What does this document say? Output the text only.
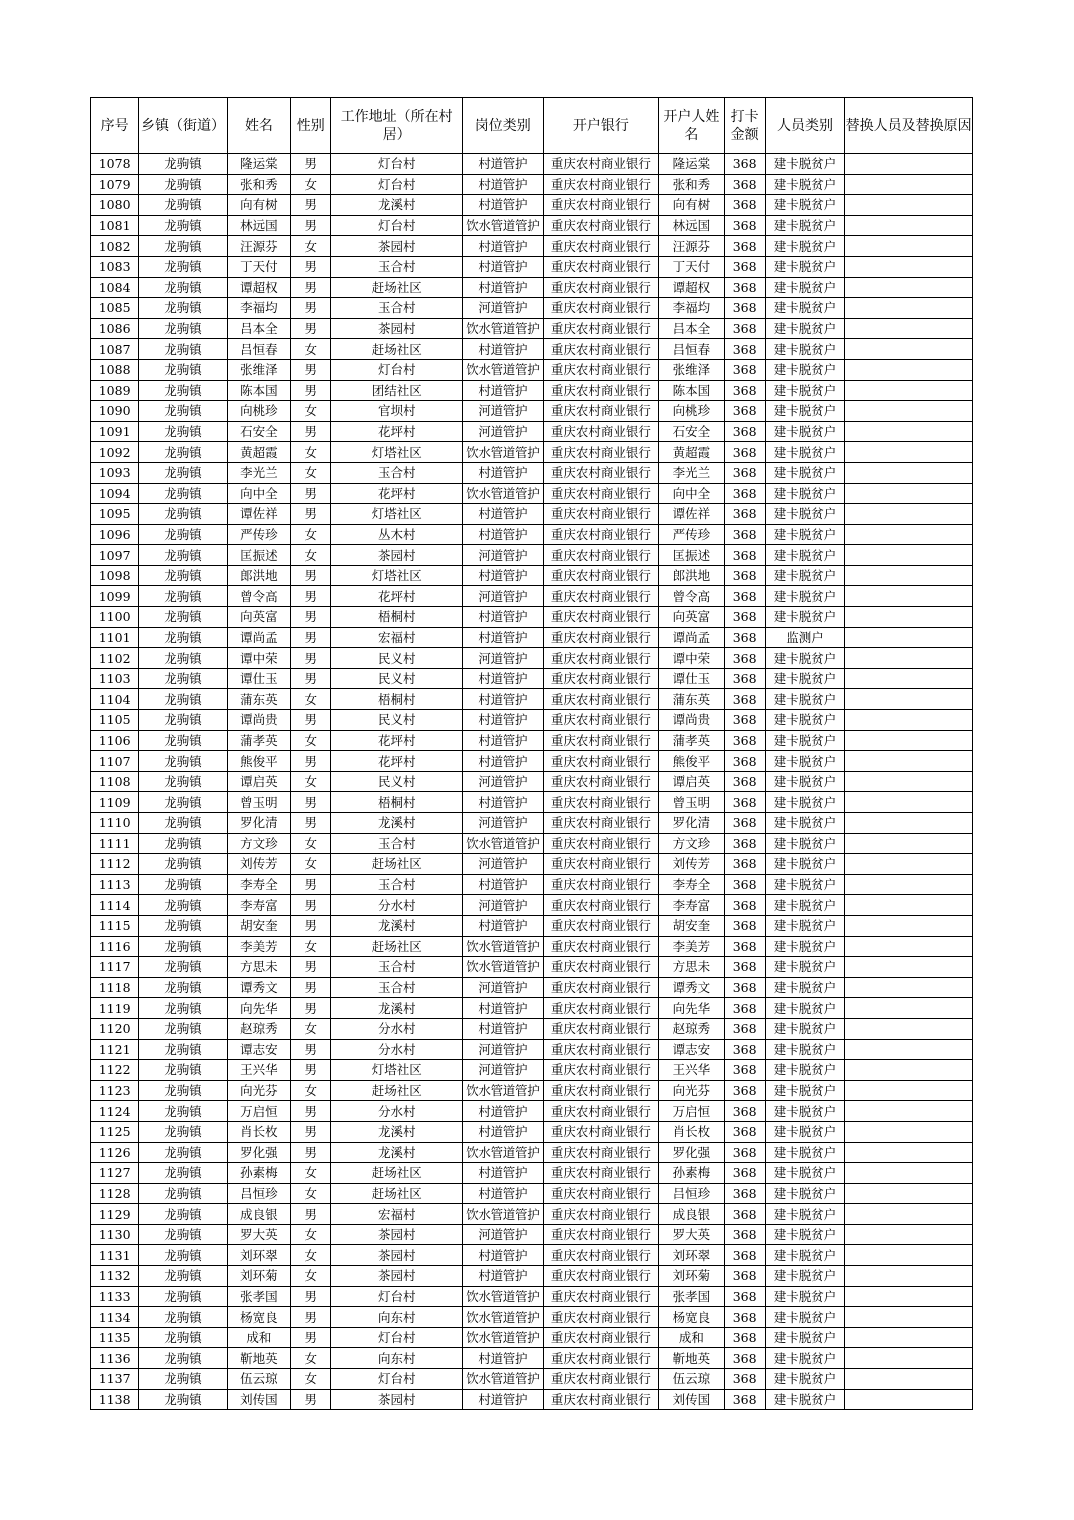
序号	乡镇（街道）	姓名	性别	工作地址（所在村居）	岗位类别	开户银行	开户人姓名	打卡金额	人员类别	替换人员及替换原因
1078	龙驹镇	隆运棠	男	灯台村	村道管护	重庆农村商业银行	隆运棠	368	建卡脱贫户	
1079	龙驹镇	张和秀	女	灯台村	村道管护	重庆农村商业银行	张和秀	368	建卡脱贫户	
1080	龙驹镇	向有树	男	龙溪村	村道管护	重庆农村商业银行	向有树	368	建卡脱贫户	
1081	龙驹镇	林远国	男	灯台村	饮水管道管护	重庆农村商业银行	林远国	368	建卡脱贫户	
1082	龙驹镇	汪源芬	女	茶园村	村道管护	重庆农村商业银行	汪源芬	368	建卡脱贫户	
1083	龙驹镇	丁天付	男	玉合村	村道管护	重庆农村商业银行	丁天付	368	建卡脱贫户	
1084	龙驹镇	谭超权	男	赶场社区	村道管护	重庆农村商业银行	谭超权	368	建卡脱贫户	
1085	龙驹镇	李福均	男	玉合村	河道管护	重庆农村商业银行	李福均	368	建卡脱贫户	
1086	龙驹镇	吕本全	男	茶园村	饮水管道管护	重庆农村商业银行	吕本全	368	建卡脱贫户	
1087	龙驹镇	吕恒春	女	赶场社区	村道管护	重庆农村商业银行	吕恒春	368	建卡脱贫户	
1088	龙驹镇	张维泽	男	灯台村	饮水管道管护	重庆农村商业银行	张维泽	368	建卡脱贫户	
1089	龙驹镇	陈本国	男	团结社区	村道管护	重庆农村商业银行	陈本国	368	建卡脱贫户	
1090	龙驹镇	向桃珍	女	官坝村	河道管护	重庆农村商业银行	向桃珍	368	建卡脱贫户	
1091	龙驹镇	石安全	男	花坪村	河道管护	重庆农村商业银行	石安全	368	建卡脱贫户	
1092	龙驹镇	黄超霞	女	灯塔社区	饮水管道管护	重庆农村商业银行	黄超霞	368	建卡脱贫户	
1093	龙驹镇	李光兰	女	玉合村	村道管护	重庆农村商业银行	李光兰	368	建卡脱贫户	
1094	龙驹镇	向中全	男	花坪村	饮水管道管护	重庆农村商业银行	向中全	368	建卡脱贫户	
1095	龙驹镇	谭佐祥	男	灯塔社区	村道管护	重庆农村商业银行	谭佐祥	368	建卡脱贫户	
1096	龙驹镇	严传珍	女	丛木村	村道管护	重庆农村商业银行	严传珍	368	建卡脱贫户	
1097	龙驹镇	匡振述	女	茶园村	河道管护	重庆农村商业银行	匡振述	368	建卡脱贫户	
1098	龙驹镇	郎洪地	男	灯塔社区	村道管护	重庆农村商业银行	郎洪地	368	建卡脱贫户	
1099	龙驹镇	曾令高	男	花坪村	河道管护	重庆农村商业银行	曾令高	368	建卡脱贫户	
1100	龙驹镇	向英富	男	梧桐村	村道管护	重庆农村商业银行	向英富	368	建卡脱贫户	
1101	龙驹镇	谭尚孟	男	宏福村	村道管护	重庆农村商业银行	谭尚孟	368	监测户	
1102	龙驹镇	谭中荣	男	民义村	河道管护	重庆农村商业银行	谭中荣	368	建卡脱贫户	
1103	龙驹镇	谭仕玉	男	民义村	村道管护	重庆农村商业银行	谭仕玉	368	建卡脱贫户	
1104	龙驹镇	蒲东英	女	梧桐村	村道管护	重庆农村商业银行	蒲东英	368	建卡脱贫户	
1105	龙驹镇	谭尚贵	男	民义村	村道管护	重庆农村商业银行	谭尚贵	368	建卡脱贫户	
1106	龙驹镇	蒲孝英	女	花坪村	村道管护	重庆农村商业银行	蒲孝英	368	建卡脱贫户	
1107	龙驹镇	熊俊平	男	花坪村	村道管护	重庆农村商业银行	熊俊平	368	建卡脱贫户	
1108	龙驹镇	谭启英	女	民义村	河道管护	重庆农村商业银行	谭启英	368	建卡脱贫户	
1109	龙驹镇	曾玉明	男	梧桐村	村道管护	重庆农村商业银行	曾玉明	368	建卡脱贫户	
1110	龙驹镇	罗化清	男	龙溪村	河道管护	重庆农村商业银行	罗化清	368	建卡脱贫户	
1111	龙驹镇	方文珍	女	玉合村	饮水管道管护	重庆农村商业银行	方文珍	368	建卡脱贫户	
1112	龙驹镇	刘传芳	女	赶场社区	河道管护	重庆农村商业银行	刘传芳	368	建卡脱贫户	
1113	龙驹镇	李寿全	男	玉合村	村道管护	重庆农村商业银行	李寿全	368	建卡脱贫户	
1114	龙驹镇	李寿富	男	分水村	河道管护	重庆农村商业银行	李寿富	368	建卡脱贫户	
1115	龙驹镇	胡安奎	男	龙溪村	村道管护	重庆农村商业银行	胡安奎	368	建卡脱贫户	
1116	龙驹镇	李美芳	女	赶场社区	饮水管道管护	重庆农村商业银行	李美芳	368	建卡脱贫户	
1117	龙驹镇	方思未	男	玉合村	饮水管道管护	重庆农村商业银行	方思未	368	建卡脱贫户	
1118	龙驹镇	谭秀文	男	玉合村	河道管护	重庆农村商业银行	谭秀文	368	建卡脱贫户	
1119	龙驹镇	向先华	男	龙溪村	村道管护	重庆农村商业银行	向先华	368	建卡脱贫户	
1120	龙驹镇	赵琼秀	女	分水村	村道管护	重庆农村商业银行	赵琼秀	368	建卡脱贫户	
1121	龙驹镇	谭志安	男	分水村	河道管护	重庆农村商业银行	谭志安	368	建卡脱贫户	
1122	龙驹镇	王兴华	男	灯塔社区	河道管护	重庆农村商业银行	王兴华	368	建卡脱贫户	
1123	龙驹镇	向光芬	女	赶场社区	饮水管道管护	重庆农村商业银行	向光芬	368	建卡脱贫户	
1124	龙驹镇	万启恒	男	分水村	村道管护	重庆农村商业银行	万启恒	368	建卡脱贫户	
1125	龙驹镇	肖长枚	男	龙溪村	村道管护	重庆农村商业银行	肖长枚	368	建卡脱贫户	
1126	龙驹镇	罗化强	男	龙溪村	饮水管道管护	重庆农村商业银行	罗化强	368	建卡脱贫户	
1127	龙驹镇	孙素梅	女	赶场社区	村道管护	重庆农村商业银行	孙素梅	368	建卡脱贫户	
1128	龙驹镇	吕恒珍	女	赶场社区	村道管护	重庆农村商业银行	吕恒珍	368	建卡脱贫户	
1129	龙驹镇	成良银	男	宏福村	饮水管道管护	重庆农村商业银行	成良银	368	建卡脱贫户	
1130	龙驹镇	罗大英	女	茶园村	河道管护	重庆农村商业银行	罗大英	368	建卡脱贫户	
1131	龙驹镇	刘环翠	女	茶园村	村道管护	重庆农村商业银行	刘环翠	368	建卡脱贫户	
1132	龙驹镇	刘环菊	女	茶园村	村道管护	重庆农村商业银行	刘环菊	368	建卡脱贫户	
1133	龙驹镇	张孝国	男	灯台村	饮水管道管护	重庆农村商业银行	张孝国	368	建卡脱贫户	
1134	龙驹镇	杨宽良	男	向东村	饮水管道管护	重庆农村商业银行	杨宽良	368	建卡脱贫户	
1135	龙驹镇	成和	男	灯台村	饮水管道管护	重庆农村商业银行	成和	368	建卡脱贫户	
1136	龙驹镇	靳地英	女	向东村	村道管护	重庆农村商业银行	靳地英	368	建卡脱贫户	
1137	龙驹镇	伍云琼	女	灯台村	饮水管道管护	重庆农村商业银行	伍云琼	368	建卡脱贫户	
1138	龙驹镇	刘传国	男	茶园村	村道管护	重庆农村商业银行	刘传国	368	建卡脱贫户	
